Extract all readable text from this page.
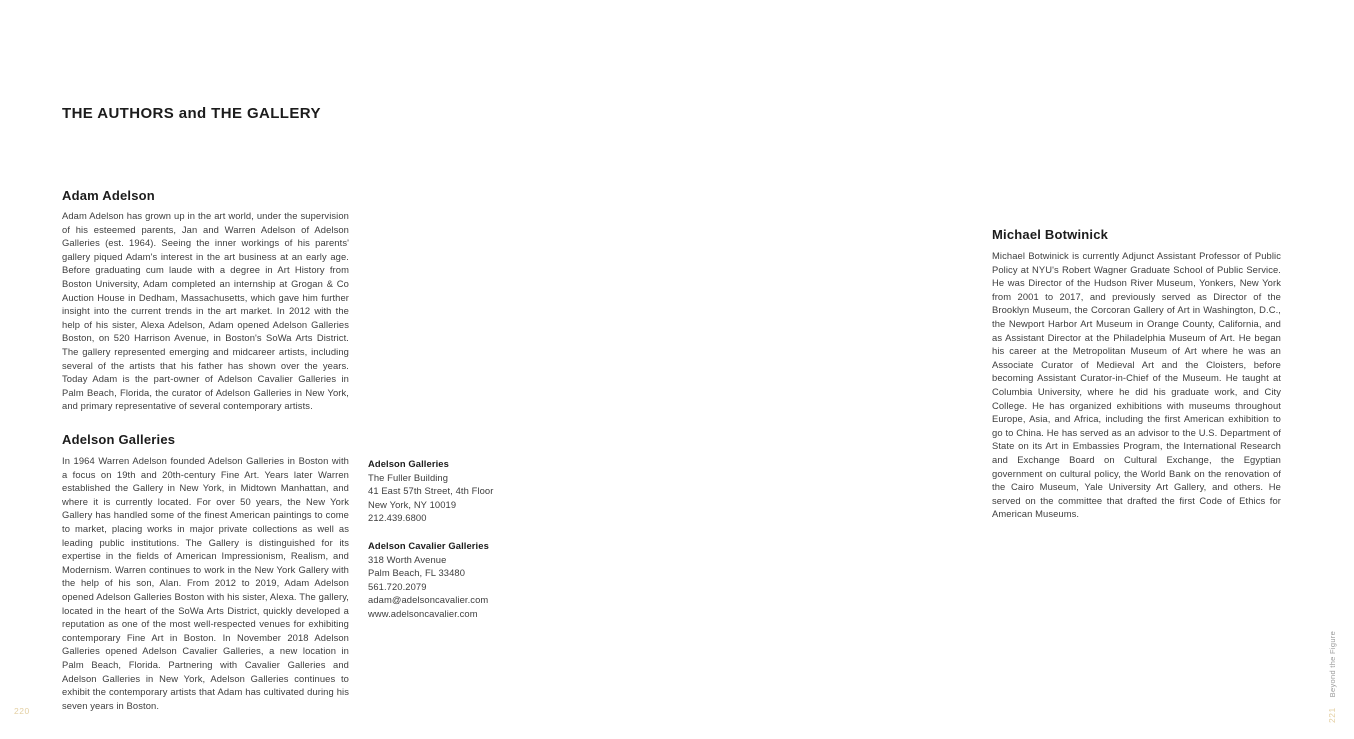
THE AUTHORS and THE GALLERY
Adam Adelson
Adam Adelson has grown up in the art world, under the supervision of his esteemed parents, Jan and Warren Adelson of Adelson Galleries (est. 1964). Seeing the inner workings of his parents' gallery piqued Adam's interest in the art business at an early age. Before graduating cum laude with a degree in Art History from Boston University, Adam completed an internship at Grogan & Co Auction House in Dedham, Massachusetts, which gave him further insight into the current trends in the art market. In 2012 with the help of his sister, Alexa Adelson, Adam opened Adelson Galleries Boston, on 520 Harrison Avenue, in Boston's SoWa Arts District. The gallery represented emerging and midcareer artists, including several of the artists that his father has shown over the years. Today Adam is the part-owner of Adelson Cavalier Galleries in Palm Beach, Florida, the curator of Adelson Galleries in New York, and primary representative of several contemporary artists.
Adelson Galleries
In 1964 Warren Adelson founded Adelson Galleries in Boston with a focus on 19th and 20th-century Fine Art. Years later Warren established the Gallery in New York, in Midtown Manhattan, and where it is currently located. For over 50 years, the New York Gallery has handled some of the finest American paintings to come to market, placing works in major private collections as well as leading public institutions. The Gallery is distinguished for its expertise in the fields of American Impressionism, Realism, and Modernism. Warren continues to work in the New York Gallery with the help of his son, Alan. From 2012 to 2019, Adam Adelson opened Adelson Galleries Boston with his sister, Alexa. The gallery, located in the heart of the SoWa Arts District, quickly developed a reputation as one of the most well-respected venues for exhibiting contemporary Fine Art in Boston. In November 2018 Adelson Galleries opened Adelson Cavalier Galleries, a new location in Palm Beach, Florida. Partnering with Cavalier Galleries and Adelson Galleries in New York, Adelson Galleries continues to exhibit the contemporary artists that Adam has cultivated during his seven years in Boston.
Adelson Galleries
The Fuller Building
41 East 57th Street, 4th Floor
New York, NY 10019
212.439.6800
Adelson Cavalier Galleries
318 Worth Avenue
Palm Beach, FL 33480
561.720.2079
adam@adelsoncavalier.com
www.adelsoncavalier.com
Michael Botwinick
Michael Botwinick is currently Adjunct Assistant Professor of Public Policy at NYU's Robert Wagner Graduate School of Public Service. He was Director of the Hudson River Museum, Yonkers, New York from 2001 to 2017, and previously served as Director of the Brooklyn Museum, the Corcoran Gallery of Art in Washington, D.C., the Newport Harbor Art Museum in Orange County, California, and as Assistant Director at the Philadelphia Museum of Art. He began his career at the Metropolitan Museum of Art where he was an Associate Curator of Medieval Art and the Cloisters, before becoming Assistant Curator-in-Chief of the Museum. He taught at Columbia University, where he did his graduate work, and City College. He has organized exhibitions with museums throughout Europe, Asia, and Africa, including the first American exhibition to go to China. He has served as an advisor to the U.S. Department of State on its Art in Embassies Program, the International Research and Exchange Board on Cultural Exchange, the Egyptian government on cultural policy, the World Bank on the renovation of the Cairo Museum, Yale University Art Gallery, and others. He served on the committee that drafted the first Code of Ethics for American Museums.
220	221
Beyond the Figure
